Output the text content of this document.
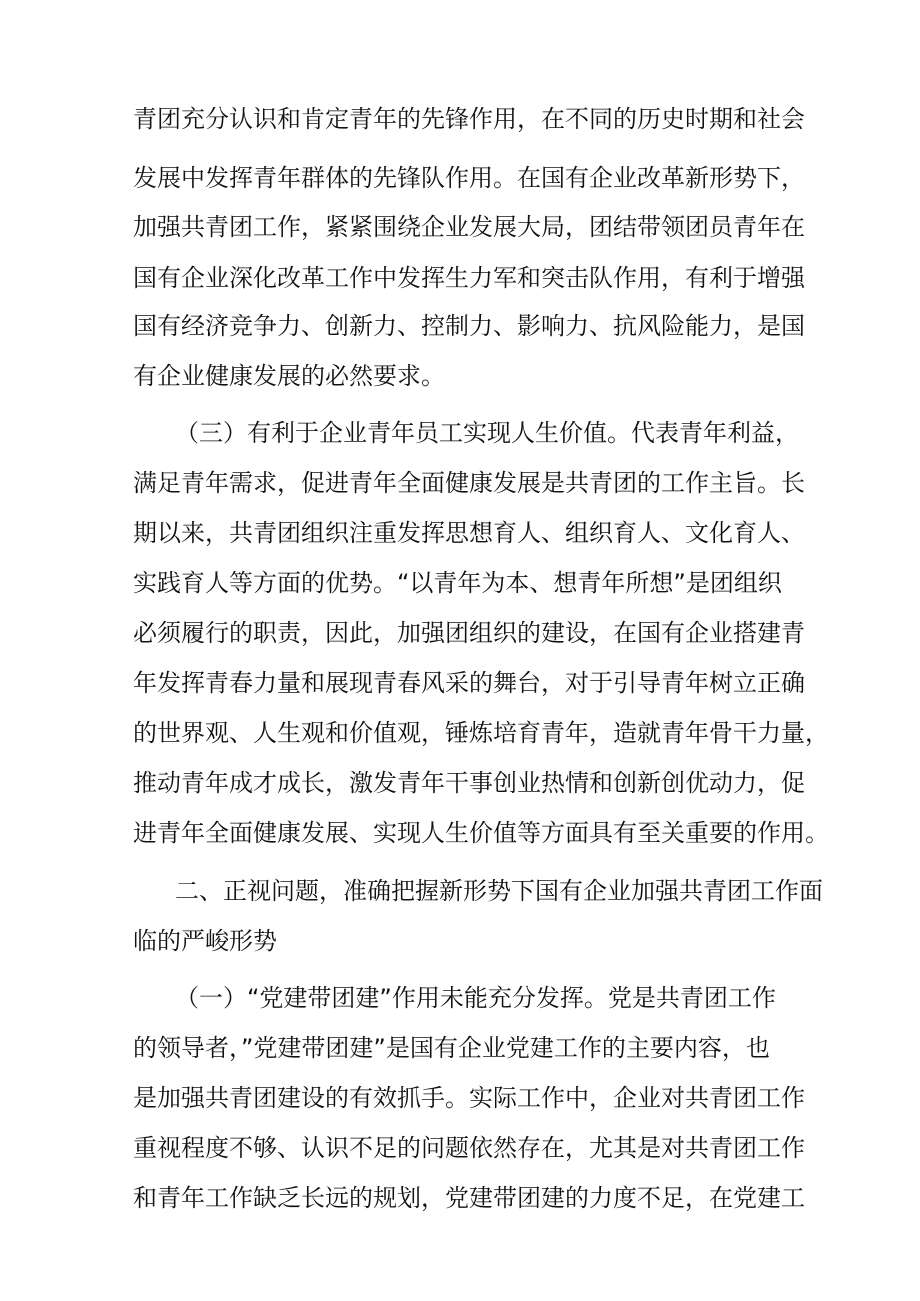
青团充分认识和肯定青年的先锋作用，在不同的历史时期和社会
发展中发挥青年群体的先锋队作用。在国有企业改革新形势下，
加强共青团工作，紧紧围绕企业发展大局，团结带领团员青年在
国有企业深化改革工作中发挥生力军和突击队作用，有利于增强
国有经济竞争力、创新力、控制力、影响力、抗风险能力，是国
有企业健康发展的必然要求。
（三）有利于企业青年员工实现人生价值。代表青年利益，
满足青年需求，促进青年全面健康发展是共青团的工作主旨。长
期以来，共青团组织注重发挥思想育人、组织育人、文化育人、
实践育人等方面的优势。“以青年为本、想青年所想”是团组织
必须履行的职责，因此，加强团组织的建设，在国有企业搭建青
年发挥青春力量和展现青春风采的舞台，对于引导青年树立正确
的世界观、人生观和价值观，锤炼培育青年，造就青年骨干力量，
推动青年成才成长，激发青年干事创业热情和创新创优动力，促
进青年全面健康发展、实现人生价值等方面具有至关重要的作用。
二、正视问题，准确把握新形势下国有企业加强共青团工作面
临的严峻形势
（一）“党建带团建”作用未能充分发挥。党是共青团工作
的领导者，”党建带团建”是国有企业党建工作的主要内容，也
是加强共青团建设的有效抓手。实际工作中，企业对共青团工作
重视程度不够、认识不足的问题依然存在，尤其是对共青团工作
和青年工作缺乏长远的规划，党建带团建的力度不足，在党建工
